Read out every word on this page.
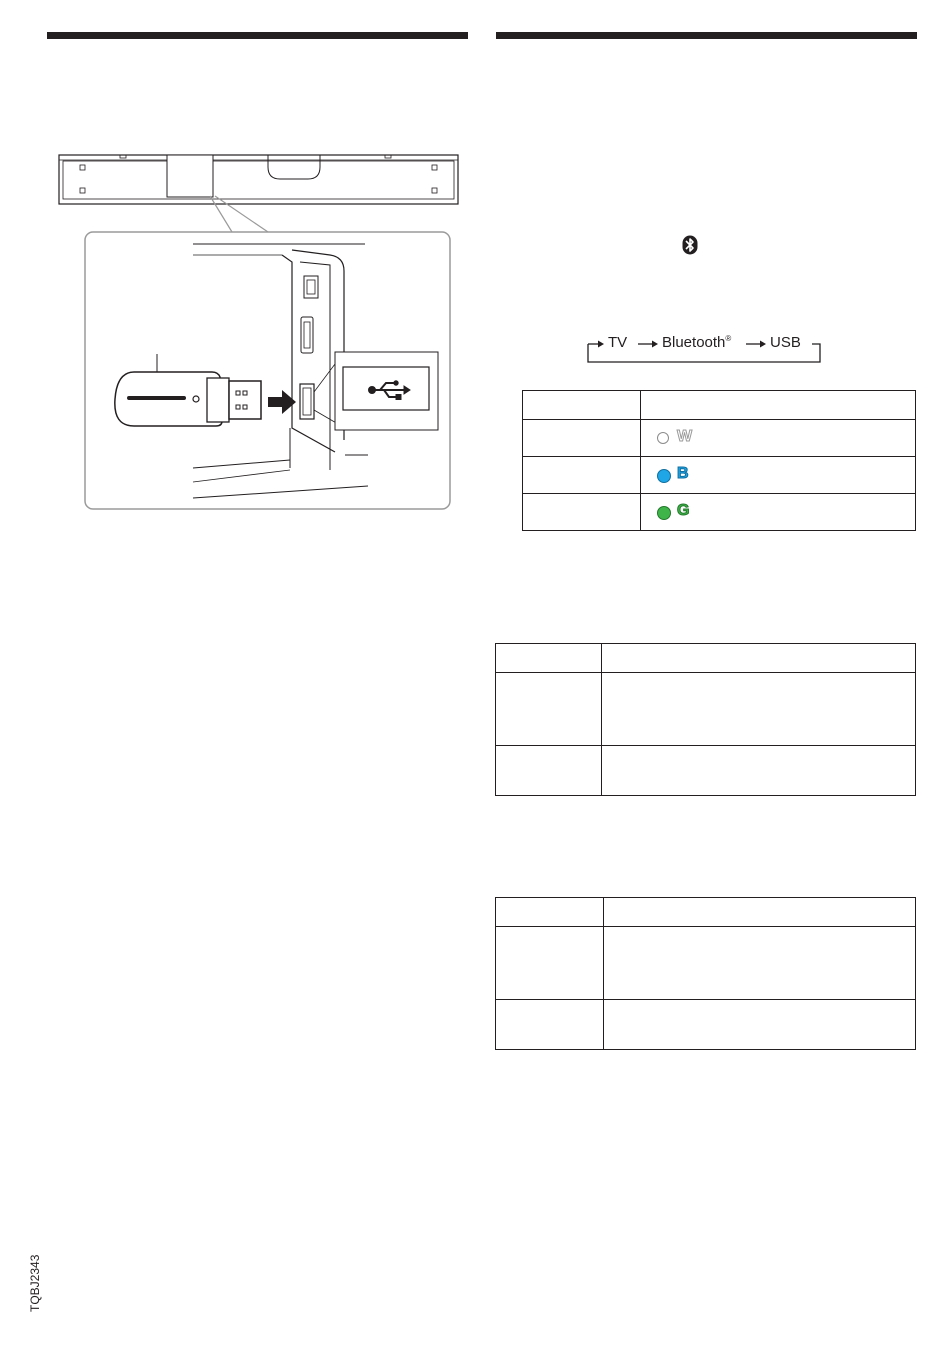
TV Bluetooth®	USB

	W

	B

	G

TQBJ2343
